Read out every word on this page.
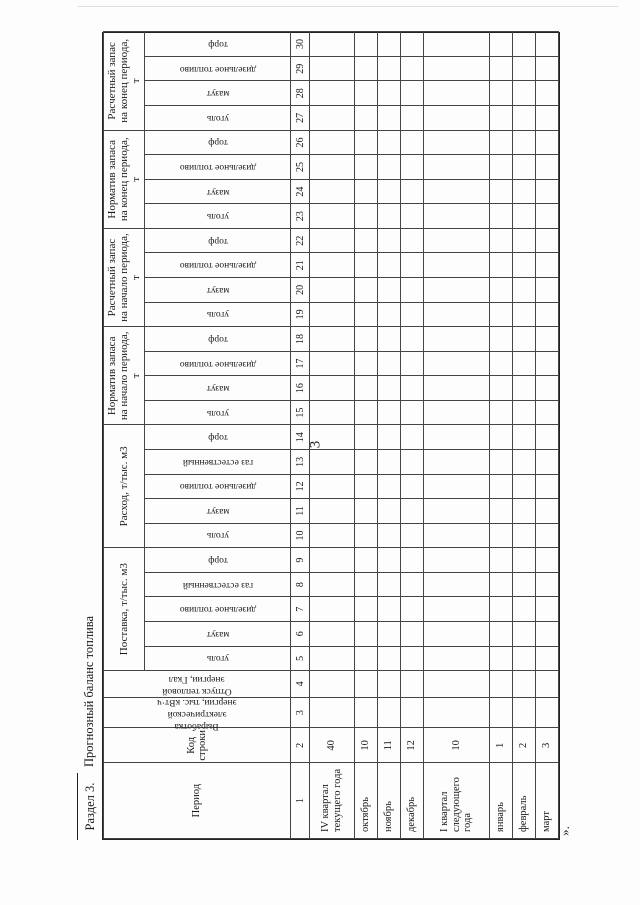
3
Раздел 3.
Прогнозный баланс топлива
Период	Код строки	Выработка электрической энергии, тыс. кВт·ч	Отпуск тепловой энергии, Гкал	Поставка, т/тыс. м3					Расход, т/тыс. м3					Норматив запаса на начало периода, т				Расчетный запас на начало периода, т				Норматив запаса на конец периода, т				Расчетный запас на конец периода, т			

				уголь	мазут	дизельное топливо	газ естественный	торф	уголь	мазут	дизельное топливо	газ естественный	торф	уголь	мазут	дизельное топливо	торф	уголь	мазут	дизельное топливо	торф	уголь	мазут	дизельное топливо	торф	уголь	мазут	дизельное топливо	торф

1	2	3	4	5	6	7	8	9	10	11	12	13	14	15	16	17	18	19	20	21	22	23	24	25	26	27	28	29	30
IV квартал текущего года	40																												
октябрь	10																												
ноябрь	11																												
декабрь	12																												
I квартал следующего года	10																												
январь	1																												
февраль	2																												
март	3																												
».
